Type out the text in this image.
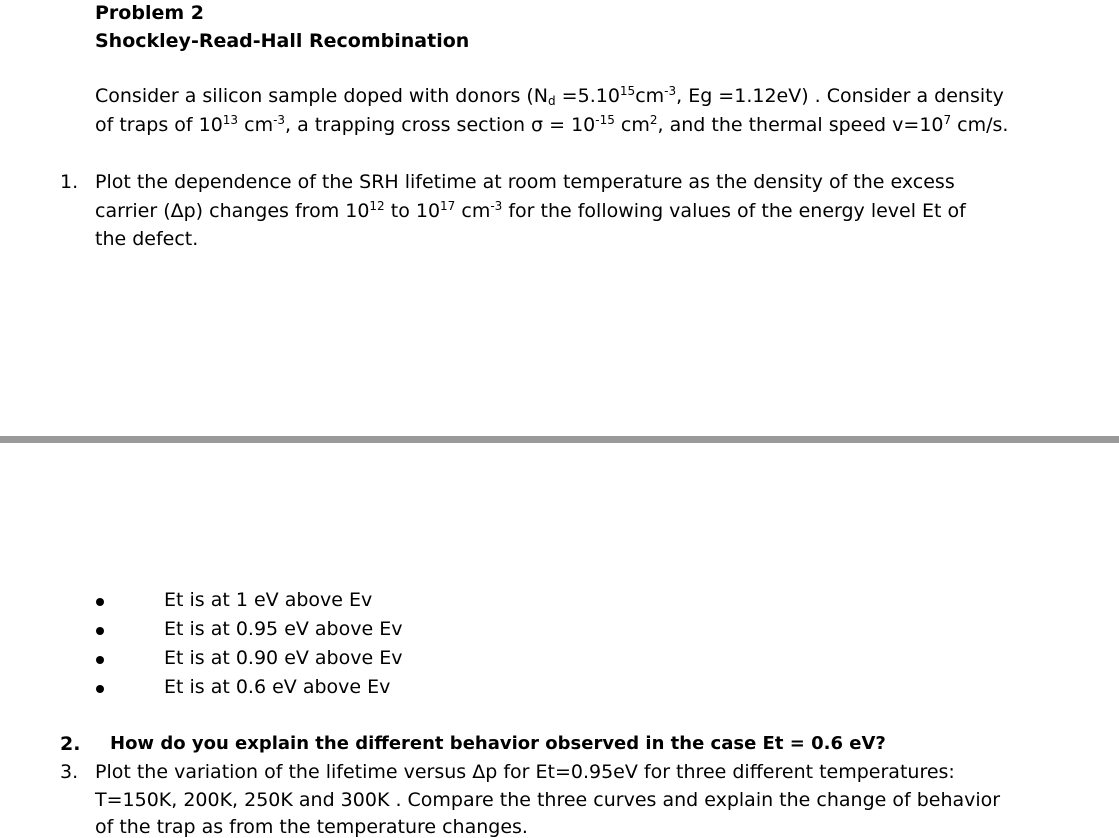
Problem 2
Shockley-Read-Hall Recombination
Consider a silicon sample doped with donors ($N_d =5.10^{15}cm^{-3}$, Eg =1.12eV) . Consider a density
of traps of $10^{13}$ $cm^{-3}$, a trapping cross section $\sigma = 10^{-15}$ $cm^2$, and the thermal speed $v=10^7$ cm/s.
1. Plot the dependence of the SRH lifetime at room temperature as the density of the excess
carrier (Δp) changes from $10^{12}$ to $10^{17}$ $cm^{-3}$ for the following values of the energy level Et of
the defect.
Et is at 1 eV above Ev
Et is at 0.95 eV above Ev
Et is at 0.90 eV above Ev
Et is at 0.6 eV above Ev
2. How do you explain the different behavior observed in the case Et = 0.6 eV?
3. Plot the variation of the lifetime versus Δp for Et=0.95eV for three different temperatures:
T=150K, 200K, 250K and 300K . Compare the three curves and explain the change of behavior
of the trap as from the temperature changes.
